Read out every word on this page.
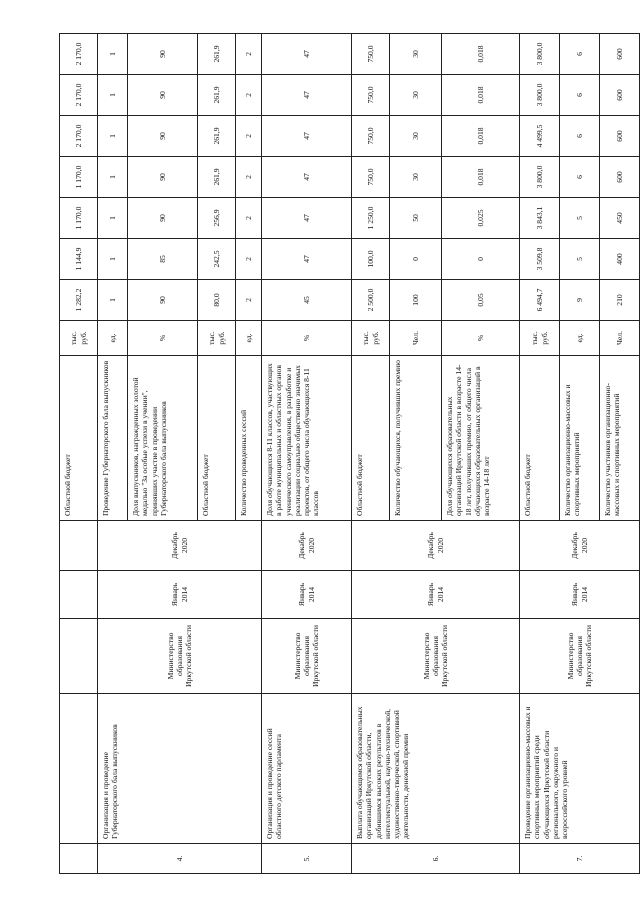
					Областной бюджет	тыс. руб.	1 282,2	1 144,9	1 170,0	1 170,0	2 170,0	2 170,0	2 170,0
4.	Организация и проведение Губернаторского бала выпускников	Министерство образования Иркутской области	Январь 2014	Декабрь 2020	Проведение Губернаторского бала выпускников	ед.	1	1	1	1	1	1	1
					Доля выпускников, награжденных золотой медалью "За особые успехи в учении", принявших участие в проведении Губернаторского бала выпускников	%	90	85	90	90	90	90	90
					Областной бюджет	тыс. руб.	80,0	242,5	256,9	261,9	261,9	261,9	261,9
					Количество проведенных сессий	ед.	2	2	2	2	2	2	2
5.	Организация и проведение сессий областного детского парламента	Министерство образования Иркутской области	Январь 2014	Декабрь 2020	Доля обучающихся 8-11 классов, участвующих в работе муниципальных и областных органов ученического самоуправления, в разработке и реализации социально общественно значимых проектов, от общего числа обучающихся 8-11 классов	%	45	47	47	47	47	47	47
6.	Выплата обучающимся образовательных организаций Иркутской области, добившимся высоких результатов в интеллектуальной, научно-технической, художественно-творческой, спортивной деятельности, денежной премии	Министерство образования Иркутской области	Январь 2014	Декабрь 2020	Областной бюджет	тыс. руб.	2 500,0	100,0	1 250,0	750,0	750,0	750,0	750,0
					Количество обучающихся, получивших премию	Чел.	100	0	50	30	30	30	30
					Доля обучающихся образовательных организаций Иркутской области в возрасте 14-18 лет, получивших премию, от общего числа обучающихся образовательных организаций в возрасте 14-18 лет	%	0,05	0	0,025	0,018	0,018	0,018	0,018
7.	Проведение организационно-массовых и спортивных мероприятий среди обучающихся Иркутской области регионального, окружного и всероссийского уровней	Министерство образования Иркутской области	Январь 2014	Декабрь 2020	Областной бюджет	тыс. руб.	6 494,7	3 509,8	3 843,1	3 800,0	4 499,5	3 800,0	3 800,0
					Количество организационно-массовых и спортивных мероприятий	ед.	9	5	5	6	6	6	6
					Количество участников организационно-массовых и спортивных мероприятий	Чел.	210	400	450	600	600	600	600
